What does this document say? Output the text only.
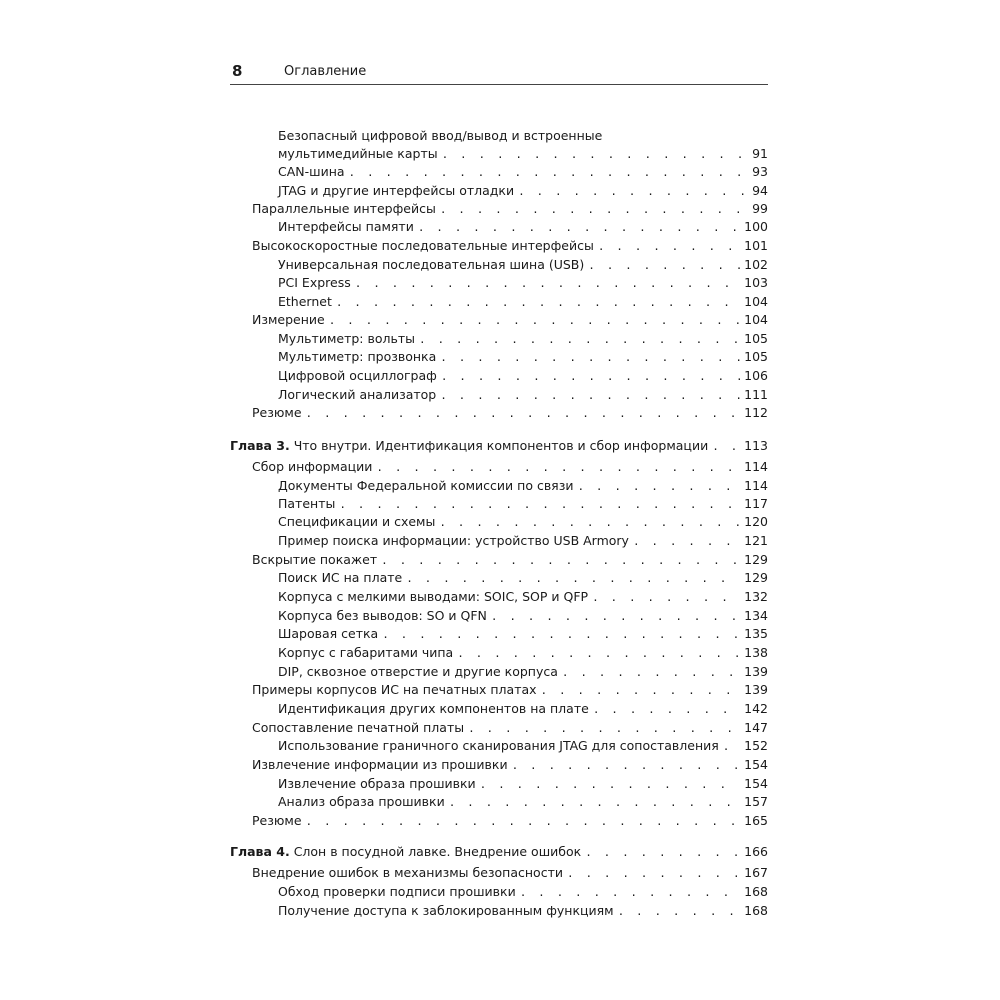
8	Оглавление
Безопасный цифровой ввод/вывод и встроенные
мультимедийные карты . . .	91
CAN-шина . . .	93
JTAG и другие интерфейсы отладки . . .	94
Параллельные интерфейсы . . .	99
Интерфейсы памяти . . .	100
Высокоскоростные последовательные интерфейсы . . .	101
Универсальная последовательная шина (USB) . . .	102
PCI Express . . .	103
Ethernet . . .	104
Измерение . . .	104
Мультиметр: вольты . . .	105
Мультиметр: прозвонка . . .	105
Цифровой осциллограф . . .	106
Логический анализатор . . .	111
Резюме . . .	112
Глава 3. Что внутри. Идентификация компонентов и сбор информации . . .	113
Сбор информации . . .	114
Документы Федеральной комиссии по связи . . .	114
Патенты . . .	117
Спецификации и схемы . . .	120
Пример поиска информации: устройство USB Armory . . .	121
Вскрытие покажет . . .	129
Поиск ИС на плате . . .	129
Корпуса с мелкими выводами: SOIC, SOP и QFP . . .	132
Корпуса без выводов: SO и QFN . . .	134
Шаровая сетка . . .	135
Корпус с габаритами чипа . . .	138
DIP, сквозное отверстие и другие корпуса . . .	139
Примеры корпусов ИС на печатных платах . . .	139
Идентификация других компонентов на плате . . .	142
Сопоставление печатной платы . . .	147
Использование граничного сканирования JTAG для сопоставления . . . 152
Извлечение информации из прошивки . . .	154
Извлечение образа прошивки . . .	154
Анализ образа прошивки . . .	157
Резюме . . .	165
Глава 4. Слон в посудной лавке. Внедрение ошибок . . .	166
Внедрение ошибок в механизмы безопасности . . .	167
Обход проверки подписи прошивки . . .	168
Получение доступа к заблокированным функциям . . .	168
